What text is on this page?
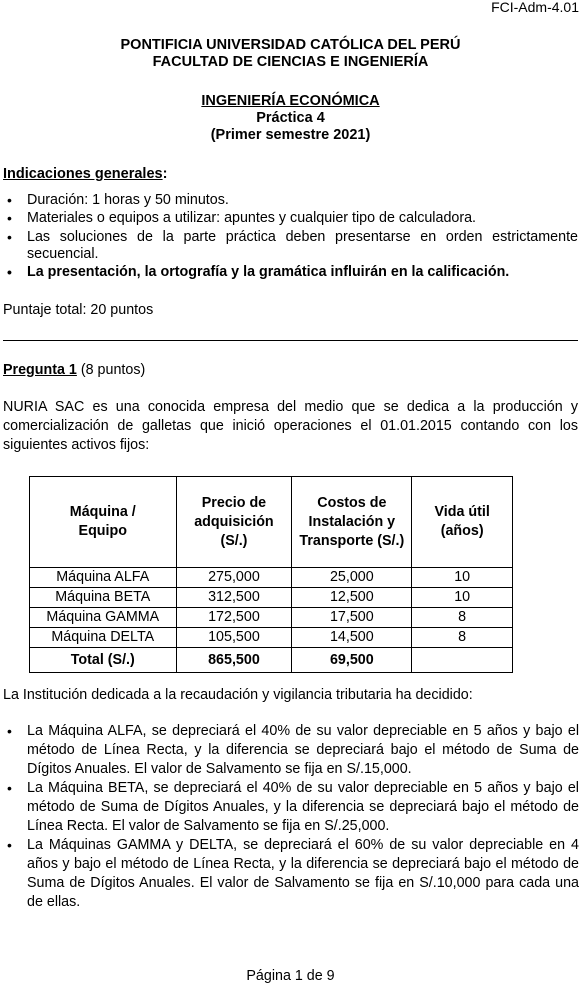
FCI-Adm-4.01
PONTIFICIA UNIVERSIDAD CATÓLICA DEL PERÚ
FACULTAD DE CIENCIAS E INGENIERÍA
INGENIERÍA ECONÓMICA
Práctica 4
(Primer semestre 2021)
Indicaciones generales:
• Duración: 1 horas y 50 minutos.
• Materiales o equipos a utilizar: apuntes y cualquier tipo de calculadora.
• Las soluciones de la parte práctica deben presentarse en orden estrictamente secuencial.
• La presentación, la ortografía y la gramática influirán en la calificación.
Puntaje total: 20 puntos
Pregunta 1 (8 puntos)
NURIA SAC es una conocida empresa del medio que se dedica a la producción y comercialización de galletas que inició operaciones el 01.01.2015 contando con los siguientes activos fijos:
Máquina / Equipo	Precio de adquisición (S/.)	Costos de Instalación y Transporte (S/.)	Vida útil (años)

Máquina ALFA	275,000	25,000	10
Máquina BETA	312,500	12,500	10
Máquina GAMMA	172,500	17,500	8
Máquina DELTA	105,500	14,500	8
Total (S/.)	865,500	69,500	
La Institución dedicada a la recaudación y vigilancia tributaria ha decidido:
• La Máquina ALFA, se depreciará el 40% de su valor depreciable en 5 años y bajo el método de Línea Recta, y la diferencia se depreciará bajo el método de Suma de Dígitos Anuales. El valor de Salvamento se fija en S/.15,000.
• La Máquina BETA, se depreciará el 40% de su valor depreciable en 5 años y bajo el método de Suma de Dígitos Anuales, y la diferencia se depreciará bajo el método de Línea Recta. El valor de Salvamento se fija en S/.25,000.
• La Máquinas GAMMA y DELTA, se depreciará el 60% de su valor depreciable en 4 años y bajo el método de Línea Recta, y la diferencia se depreciará bajo el método de Suma de Dígitos Anuales. El valor de Salvamento se fija en S/.10,000 para cada una de ellas.
Página 1 de 9
